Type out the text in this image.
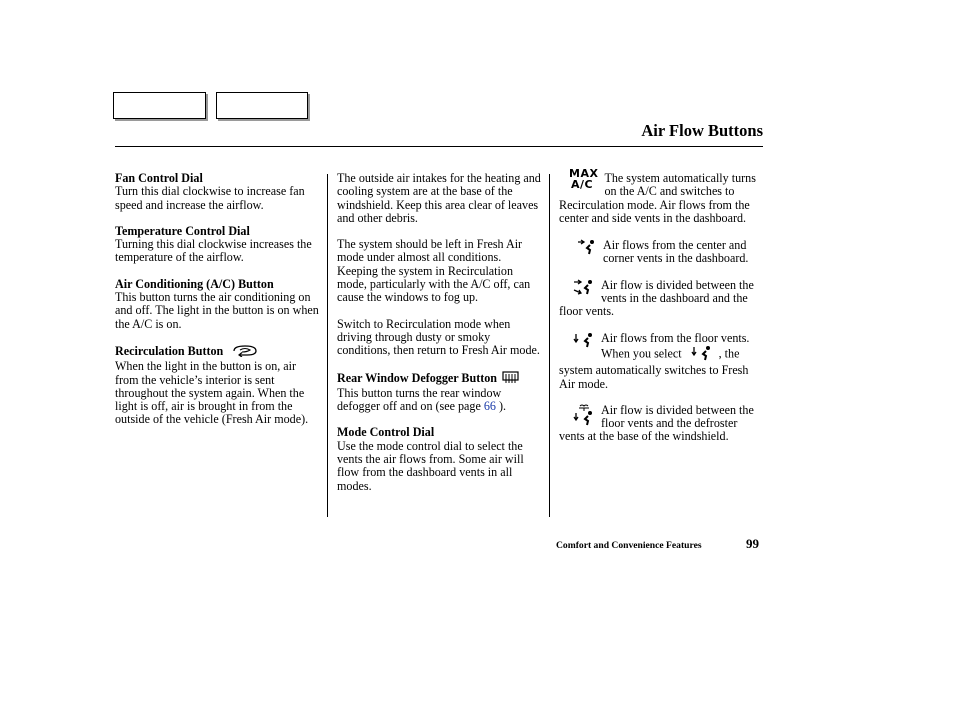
Air Flow Buttons
Fan Control Dial

Turn this dial clockwise to increase fan speed and increase the airflow.

Temperature Control Dial

Turning this dial clockwise increases the temperature of the airflow.

Air Conditioning (A/C) Button

This button turns the air conditioning on and off. The light in the button is on when the A/C is on.

Recirculation Button

When the light in the button is on, air from the vehicle’s interior is sent throughout the system again. When the light is off, air is brought in from the outside of the vehicle (Fresh Air mode).

The outside air intakes for the heating and cooling system are at the base of the windshield. Keep this area clear of leaves and other debris.

The system should be left in Fresh Air mode under almost all conditions. Keeping the system in Recirculation mode, particularly with the A/C off, can cause the windows to fog up.

Switch to Recirculation mode when driving through dusty or smoky conditions, then return to Fresh Air mode.

Rear Window Defogger Button

This button turns the rear window defogger off and on (see page 66 ).

Mode Control Dial

Use the mode control dial to select the vents the air flows from. Some air will flow from the dashboard vents in all modes.

MAX
A/C The system automatically turns on the A/C and switches to Recirculation mode. Air flows from the center and side vents in the dashboard.

Air flows from the center and corner vents in the dashboard.

Air flow is divided between the vents in the dashboard and the floor vents.

Air flows from the floor vents. When you select	, the system automatically switches to Fresh Air mode.

Air flow is divided between the floor vents and the defroster vents at the base of the windshield.

Comfort and Convenience Features	99
